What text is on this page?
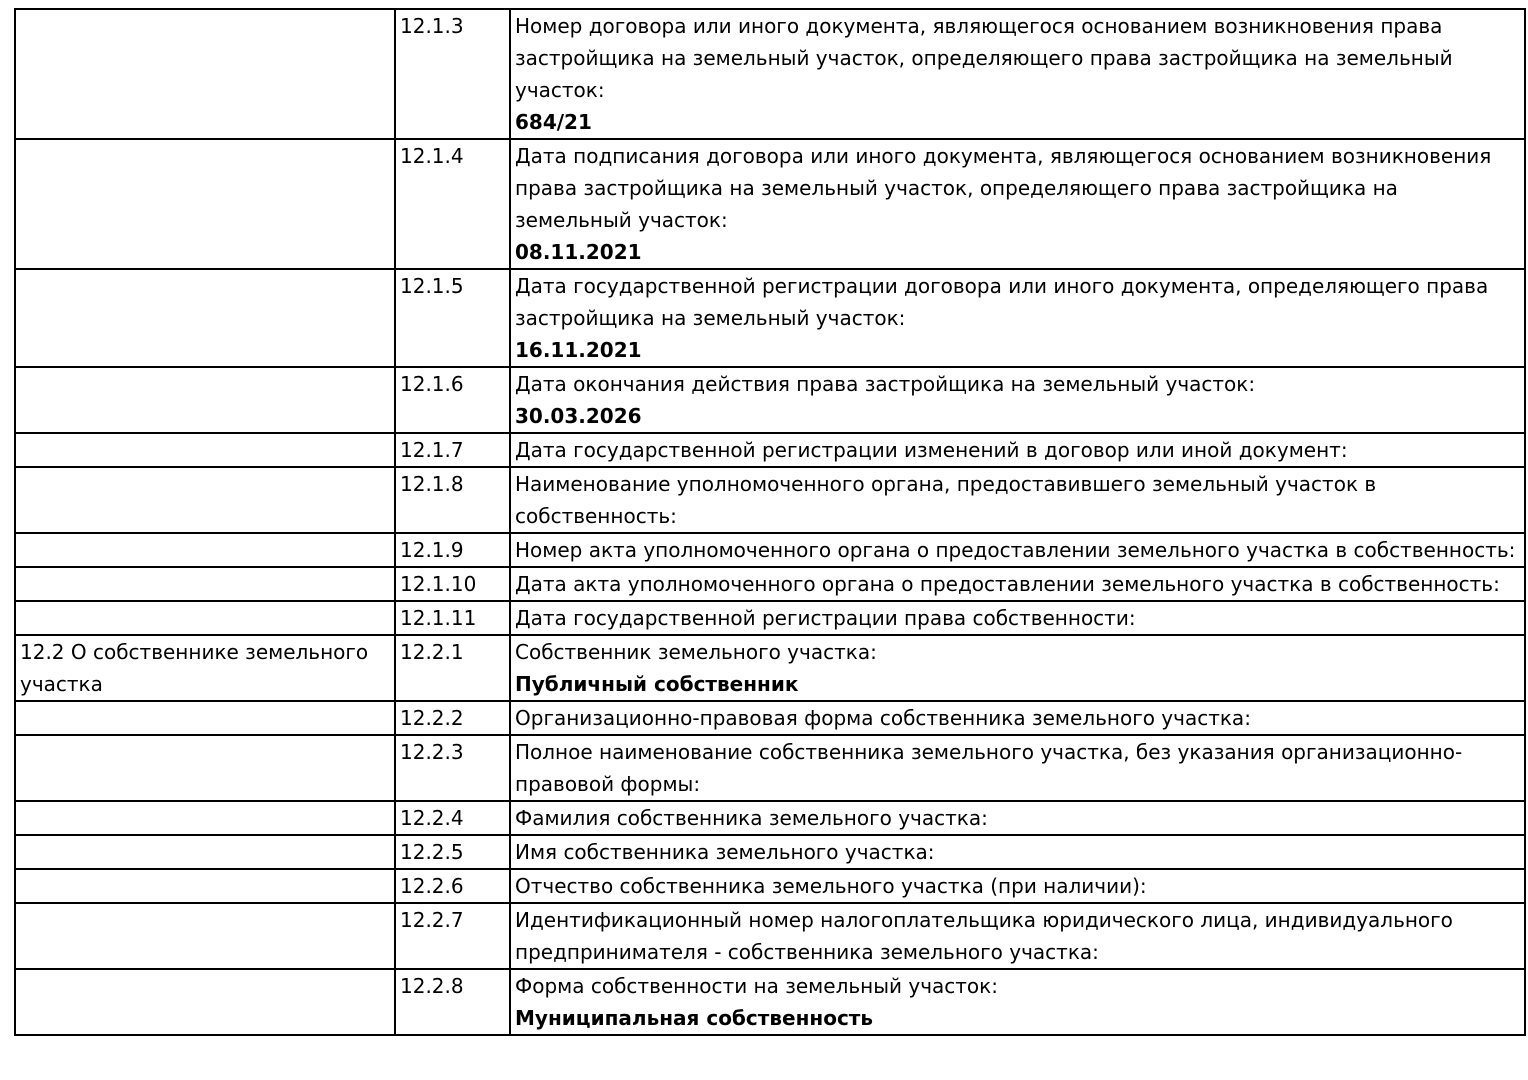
	12.1.3	Номер договора или иного документа, являющегося основанием возникновения права застройщика на земельный участок, определяющего права застройщика на земельный участок:
684/21

	12.1.4	Дата подписания договора или иного документа, являющегося основанием возникновения права застройщика на земельный участок, определяющего права застройщика на земельный участок:
08.11.2021

	12.1.5	Дата государственной регистрации договора или иного документа, определяющего права застройщика на земельный участок:
16.11.2021

	12.1.6	Дата окончания действия права застройщика на земельный участок:
30.03.2026

	12.1.7	Дата государственной регистрации изменений в договор или иной документ:

	12.1.8	Наименование уполномоченного органа, предоставившего земельный участок в собственность:

	12.1.9	Номер акта уполномоченного органа о предоставлении земельного участка в собственность:

	12.1.10	Дата акта уполномоченного органа о предоставлении земельного участка в собственность:

	12.1.11	Дата государственной регистрации права собственности:

12.2 О собственнике земельного участка	12.2.1	Собственник земельного участка:
Публичный собственник

	12.2.2	Организационно-правовая форма собственника земельного участка:

	12.2.3	Полное наименование собственника земельного участка, без указания организационно-правовой формы:

	12.2.4	Фамилия собственника земельного участка:

	12.2.5	Имя собственника земельного участка:

	12.2.6	Отчество собственника земельного участка (при наличии):

	12.2.7	Идентификационный номер налогоплательщика юридического лица, индивидуального предпринимателя - собственника земельного участка:

	12.2.8	Форма собственности на земельный участок:
Муниципальная собственность
